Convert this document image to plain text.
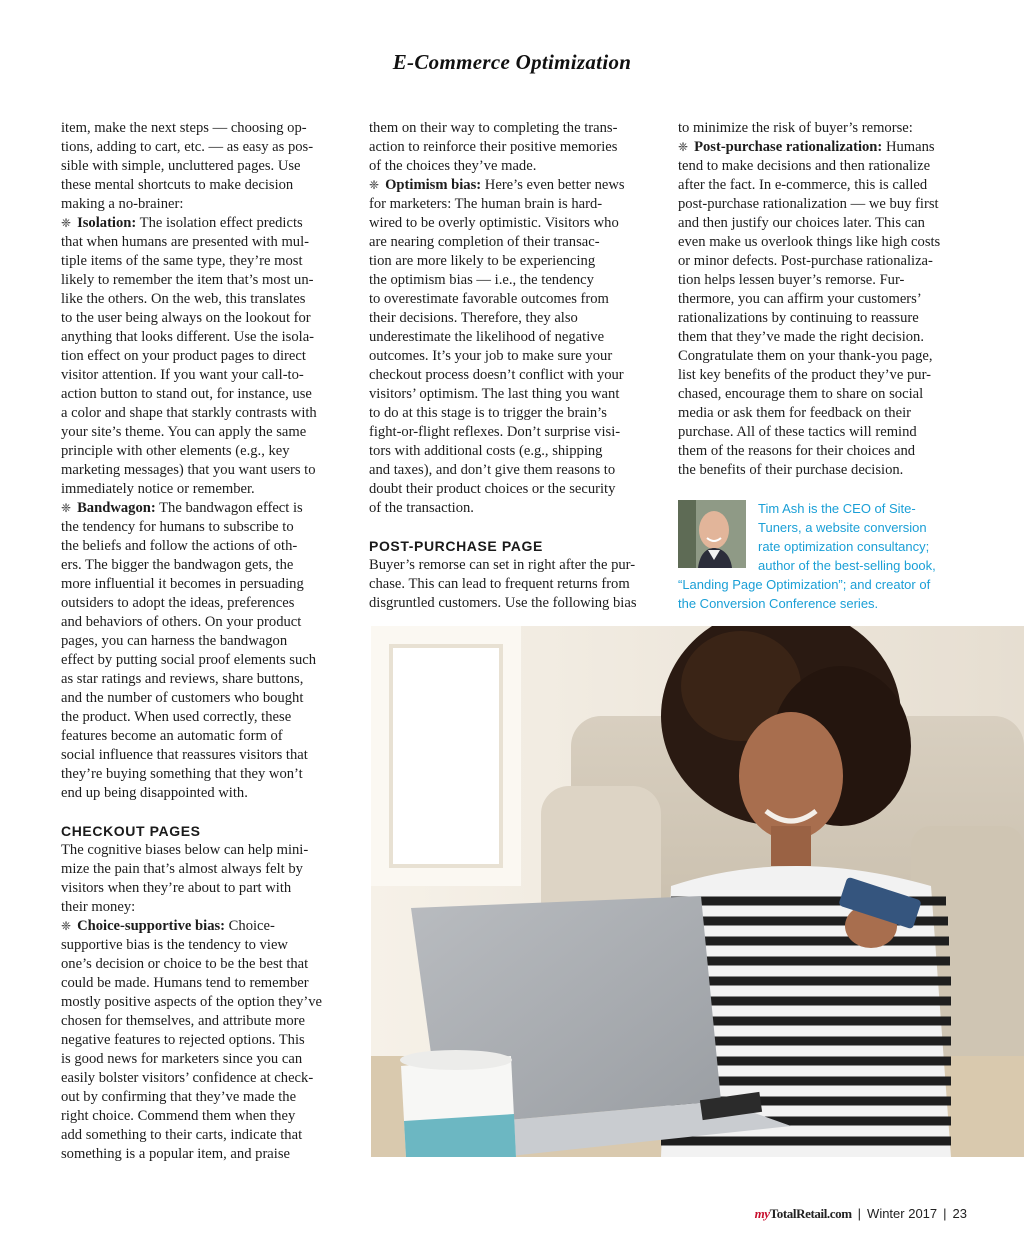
E-Commerce Optimization
item, make the next steps — choosing op-
tions, adding to cart, etc. — as easy as pos-
sible with simple, uncluttered pages. Use
these mental shortcuts to make decision
making a no-brainer:
❈ Isolation: The isolation effect predicts
that when humans are presented with mul-
tiple items of the same type, they’re most
likely to remember the item that’s most un-
like the others. On the web, this translates
to the user being always on the lookout for
anything that looks different. Use the isola-
tion effect on your product pages to direct
visitor attention. If you want your call-to-
action button to stand out, for instance, use
a color and shape that starkly contrasts with
your site’s theme. You can apply the same
principle with other elements (e.g., key
marketing messages) that you want users to
immediately notice or remember.
❈ Bandwagon: The bandwagon effect is
the tendency for humans to subscribe to
the beliefs and follow the actions of oth-
ers. The bigger the bandwagon gets, the
more influential it becomes in persuading
outsiders to adopt the ideas, preferences
and behaviors of others. On your product
pages, you can harness the bandwagon
effect by putting social proof elements such
as star ratings and reviews, share buttons,
and the number of customers who bought
the product. When used correctly, these
features become an automatic form of
social influence that reassures visitors that
they’re buying something that they won’t
end up being disappointed with.
CHECKOUT PAGES
The cognitive biases below can help mini-
mize the pain that’s almost always felt by
visitors when they’re about to part with
their money:
❈ Choice-supportive bias: Choice-
supportive bias is the tendency to view
one’s decision or choice to be the best that
could be made. Humans tend to remember
mostly positive aspects of the option they’ve
chosen for themselves, and attribute more
negative features to rejected options. This
is good news for marketers since you can
easily bolster visitors’ confidence at check-
out by confirming that they’ve made the
right choice. Commend them when they
add something to their carts, indicate that
something is a popular item, and praise
them on their way to completing the trans-
action to reinforce their positive memories
of the choices they’ve made.
❈ Optimism bias: Here’s even better news
for marketers: The human brain is hard-
wired to be overly optimistic. Visitors who
are nearing completion of their transac-
tion are more likely to be experiencing
the optimism bias — i.e., the tendency
to overestimate favorable outcomes from
their decisions. Therefore, they also
underestimate the likelihood of negative
outcomes. It’s your job to make sure your
checkout process doesn’t conflict with your
visitors’ optimism. The last thing you want
to do at this stage is to trigger the brain’s
fight-or-flight reflexes. Don’t surprise visi-
tors with additional costs (e.g., shipping
and taxes), and don’t give them reasons to
doubt their product choices or the security
of the transaction.
POST-PURCHASE PAGE
Buyer’s remorse can set in right after the pur-
chase. This can lead to frequent returns from
disgruntled customers. Use the following bias
to minimize the risk of buyer’s remorse:
❈ Post-purchase rationalization: Humans
tend to make decisions and then rationalize
after the fact. In e-commerce, this is called
post-purchase rationalization — we buy first
and then justify our choices later. This can
even make us overlook things like high costs
or minor defects. Post-purchase rationaliza-
tion helps lessen buyer’s remorse. Fur-
thermore, you can affirm your customers’
rationalizations by continuing to reassure
them that they’ve made the right decision.
Congratulate them on your thank-you page,
list key benefits of the product they’ve pur-
chased, encourage them to share on social
media or ask them for feedback on their
purchase. All of these tactics will remind
them of the reasons for their choices and
the benefits of their purchase decision.
Tim Ash is the CEO of Site-
Tuners, a website conversion
rate optimization consultancy;
author of the best-selling book,
“Landing Page Optimization”; and creator of
the Conversion Conference series.
myTotalRetail.com | Winter 2017 | 23
